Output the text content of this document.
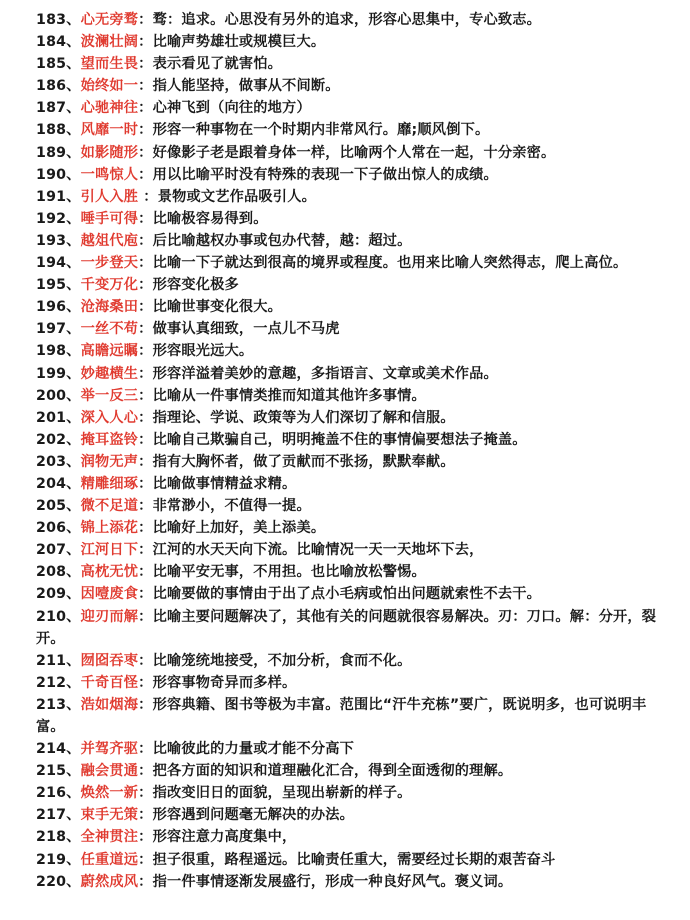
183、心无旁骛：骛：追求。心思没有另外的追求，形容心思集中，专心致志。
184、波澜壮阔：比喻声势雄壮或规模巨大。
185、望而生畏：表示看见了就害怕。
186、始终如一：指人能坚持，做事从不间断。
187、心驰神往：心神飞到（向往的地方）
188、风靡一时：形容一种事物在一个时期内非常风行。靡;顺风倒下。
189、如影随形：好像影子老是跟着身体一样，比喻两个人常在一起，十分亲密。
190、一鸣惊人：用以比喻平时没有特殊的表现一下子做出惊人的成绩。
191、引人入胜 ：景物或文艺作品吸引人。
192、唾手可得：比喻极容易得到。
193、越俎代庖：后比喻越权办事或包办代替，越：超过。
194、一步登天：比喻一下子就达到很高的境界或程度。也用来比喻人突然得志，爬上高位。
195、千变万化：形容变化极多
196、沧海桑田：比喻世事变化很大。
197、一丝不苟：做事认真细致，一点儿不马虎
198、高瞻远瞩：形容眼光远大。
199、妙趣横生：形容洋溢着美妙的意趣，多指语言、文章或美术作品。
200、举一反三：比喻从一件事情类推而知道其他许多事情。
201、深入人心：指理论、学说、政策等为人们深切了解和信服。
202、掩耳盗铃：比喻自己欺骗自己，明明掩盖不住的事情偏要想法子掩盖。
203、润物无声：指有大胸怀者，做了贡献而不张扬，默默奉献。
204、精雕细琢：比喻做事情精益求精。
205、微不足道：非常渺小，不值得一提。
206、锦上添花：比喻好上加好，美上添美。
207、江河日下：江河的水天天向下流。比喻情况一天一天地坏下去，
208、高枕无忧：比喻平安无事，不用担。也比喻放松警惕。
209、因噎废食：比喻要做的事情由于出了点小毛病或怕出问题就索性不去干。
210、迎刃而解：比喻主要问题解决了，其他有关的问题就很容易解决。刃：刀口。解：分开，裂开。
211、囫囵吞枣：比喻笼统地接受，不加分析，食而不化。
212、千奇百怪：形容事物奇异而多样。
213、浩如烟海：形容典籍、图书等极为丰富。范围比“汗牛充栋”要广，既说明多，也可说明丰富。
214、并驾齐驱：比喻彼此的力量或才能不分高下
215、融会贯通：把各方面的知识和道理融化汇合，得到全面透彻的理解。
216、焕然一新：指改变旧日的面貌，呈现出崭新的样子。
217、束手无策：形容遇到问题毫无解决的办法。
218、全神贯注：形容注意力高度集中，
219、任重道远：担子很重，路程遥远。比喻责任重大，需要经过长期的艰苦奋斗
220、蔚然成风：指一件事情逐渐发展盛行，形成一种良好风气。褒义词。
